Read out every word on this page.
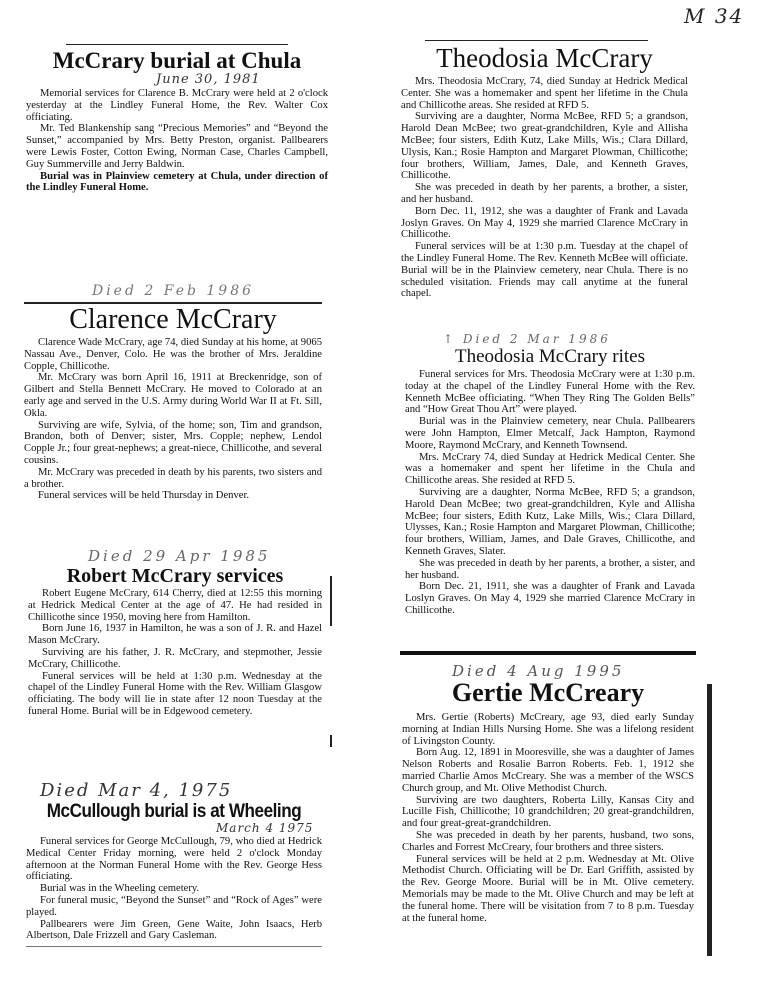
M 34
McCrary burial at Chula
June 30, 1981

Memorial services for Clarence B. McCrary were held at 2 o'clock yesterday at the Lindley Funeral Home, the Rev. Walter Cox officiating.

Mr. Ted Blankenship sang “Precious Memories” and “Beyond the Sunset,” accompanied by Mrs. Betty Preston, organist. Pallbearers were Lewis Foster, Cotton Ewing, Norman Case, Charles Campbell, Guy Summerville and Jerry Baldwin.

Burial was in Plainview cemetery at Chula, under direction of the Lindley Funeral Home.

Died 2 Feb 1986
Clarence McCrary

Clarence Wade McCrary, age 74, died Sunday at his home, at 9065 Nassau Ave., Denver, Colo. He was the brother of Mrs. Jeraldine Copple, Chillicothe.

Mr. McCrary was born April 16, 1911 at Breckenridge, son of Gilbert and Stella Bennett McCrary. He moved to Colorado at an early age and served in the U.S. Army during World War II at Ft. Sill, Okla.

Surviving are wife, Sylvia, of the home; son, Tim and grandson, Brandon, both of Denver; sister, Mrs. Copple; nephew, Lendol Copple Jr.; four great-nephews; a great-niece, Chillicothe, and several cousins.

Mr. McCrary was preceded in death by his parents, two sisters and a brother.

Funeral services will be held Thursday in Denver.

Died 29 Apr 1985
Robert McCrary services

Robert Eugene McCrary, 614 Cherry, died at 12:55 this morning at Hedrick Medical Center at the age of 47. He had resided in Chillicothe since 1950, moving here from Hamilton.

Born June 16, 1937 in Hamilton, he was a son of J. R. and Hazel Mason McCrary.

Surviving are his father, J. R. McCrary, and stepmother, Jessie McCrary, Chillicothe.

Funeral services will be held at 1:30 p.m. Wednesday at the chapel of the Lindley Funeral Home with the Rev. William Glasgow officiating. The body will lie in state after 12 noon Tuesday at the funeral Home. Burial will be in Edgewood cemetery.

Died Mar 4, 1975
McCullough burial is at Wheeling
March 4 1975

Funeral services for George McCullough, 79, who died at Hedrick Medical Center Friday morning, were held 2 o'clock Monday afternoon at the Norman Funeral Home with the Rev. George Hess officiating.

Burial was in the Wheeling cemetery.

For funeral music, “Beyond the Sunset” and “Rock of Ages” were played.

Pallbearers were Jim Green, Gene Waite, John Isaacs, Herb Albertson, Dale Frizzell and Gary Casleman.

Theodosia McCrary

Mrs. Theodosia McCrary, 74, died Sunday at Hedrick Medical Center. She was a homemaker and spent her lifetime in the Chula and Chillicothe areas. She resided at RFD 5.

Surviving are a daughter, Norma McBee, RFD 5; a grandson, Harold Dean McBee; two great-grandchildren, Kyle and Allisha McBee; four sisters, Edith Kutz, Lake Mills, Wis.; Clara Dillard, Ulysis, Kan.; Rosie Hampton and Margaret Plowman, Chillicothe; four brothers, William, James, Dale, and Kenneth Graves, Chillicothe.

She was preceded in death by her parents, a brother, a sister, and her husband.

Born Dec. 11, 1912, she was a daughter of Frank and Lavada Joslyn Graves. On May 4, 1929 she married Clarence McCrary in Chillicothe.

Funeral services will be at 1:30 p.m. Tuesday at the chapel of the Lindley Funeral Home. The Rev. Kenneth McBee will officiate. Burial will be in the Plainview cemetery, near Chula. There is no scheduled visitation. Friends may call anytime at the funeral chapel.

↑ Died 2 Mar 1986
Theodosia McCrary rites

Funeral services for Mrs. Theodosia McCrary were at 1:30 p.m. today at the chapel of the Lindley Funeral Home with the Rev. Kenneth McBee officiating. “When They Ring The Golden Bells” and “How Great Thou Art” were played.

Burial was in the Plainview cemetery, near Chula. Pallbearers were John Hampton, Elmer Metcalf, Jack Hampton, Raymond Moore, Raymond McCrary, and Kenneth Townsend.

Mrs. McCrary 74, died Sunday at Hedrick Medical Center. She was a homemaker and spent her lifetime in the Chula and Chillicothe areas. She resided at RFD 5.

Surviving are a daughter, Norma McBee, RFD 5; a grandson, Harold Dean McBee; two great-grandchildren, Kyle and Allisha McBee; four sisters, Edith Kutz, Lake Mills, Wis.; Clara Dillard, Ulysses, Kan.; Rosie Hampton and Margaret Plowman, Chillicothe; four brothers, William, James, and Dale Graves, Chillicothe, and Kenneth Graves, Slater.

She was preceded in death by her parents, a brother, a sister, and her husband.

Born Dec. 21, 1911, she was a daughter of Frank and Lavada Loslyn Graves. On May 4, 1929 she married Clarence McCrary in Chillicothe.

Died 4 Aug 1995
Gertie McCreary

Mrs. Gertie (Roberts) McCreary, age 93, died early Sunday morning at Indian Hills Nursing Home. She was a lifelong resident of Livingston County.

Born Aug. 12, 1891 in Mooresville, she was a daughter of James Nelson Roberts and Rosalie Barron Roberts. Feb. 1, 1912 she married Charlie Amos McCreary. She was a member of the WSCS Church group, and Mt. Olive Methodist Church.

Surviving are two daughters, Roberta Lilly, Kansas City and Lucille Fish, Chillicothe; 10 grandchildren; 20 great-grandchildren, and four great-great-grandchildren.

She was preceded in death by her parents, husband, two sons, Charles and Forrest McCreary, four brothers and three sisters.

Funeral services will be held at 2 p.m. Wednesday at Mt. Olive Methodist Church. Officiating will be Dr. Earl Griffith, assisted by the Rev. George Moore. Burial will be in Mt. Olive cemetery. Memorials may be made to the Mt. Olive Church and may be left at the funeral home. There will be visitation from 7 to 8 p.m. Tuesday at the funeral home.
